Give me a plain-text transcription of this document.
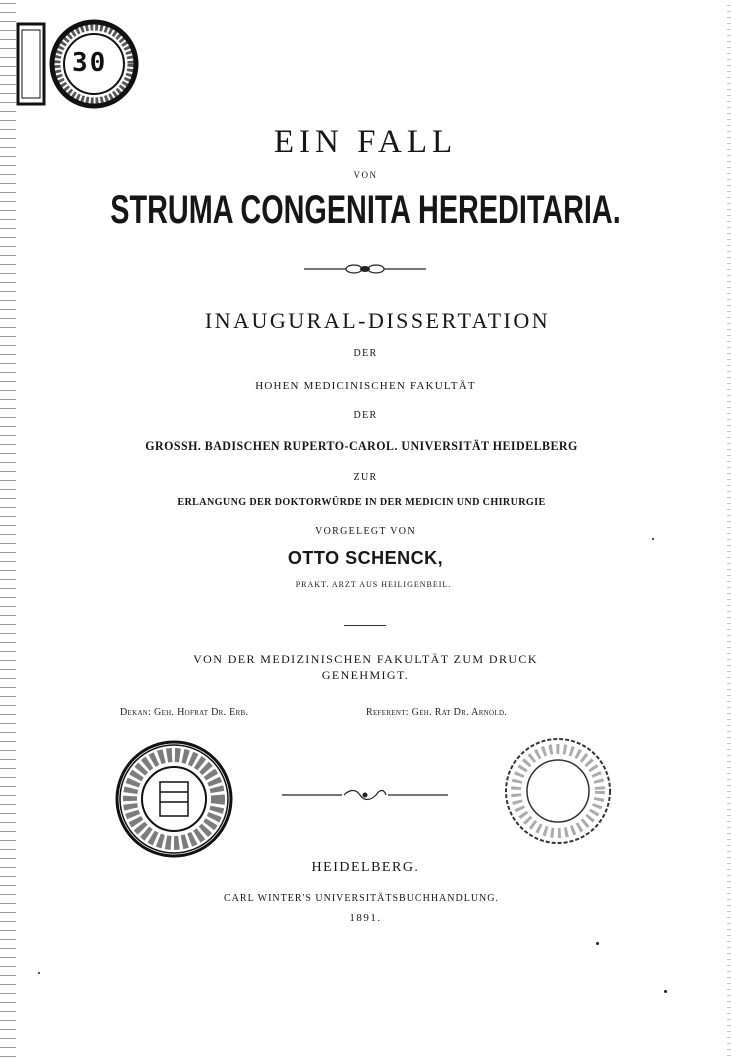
30
EIN FALL
VON
STRUMA CONGENITA HEREDITARIA.
INAUGURAL-DISSERTATION
DER
HOHEN MEDICINISCHEN FAKULTÄT
DER
GROSSH. BADISCHEN RUPERTO-CAROL. UNIVERSITÄT HEIDELBERG
ZUR
ERLANGUNG DER DOKTORWÜRDE IN DER MEDICIN UND CHIRURGIE
VORGELEGT VON
OTTO SCHENCK,
PRAKT. ARZT AUS HEILIGENBEIL.
VON DER MEDIZINISCHEN FAKULTÄT ZUM DRUCK
GENEHMIGT.
Dekan: Geh. Hofrat Dr. Erb.	Referent: Geh. Rat Dr. Arnold.
HEIDELBERG.
CARL WINTER'S UNIVERSITÄTSBUCHHANDLUNG.
1891.
